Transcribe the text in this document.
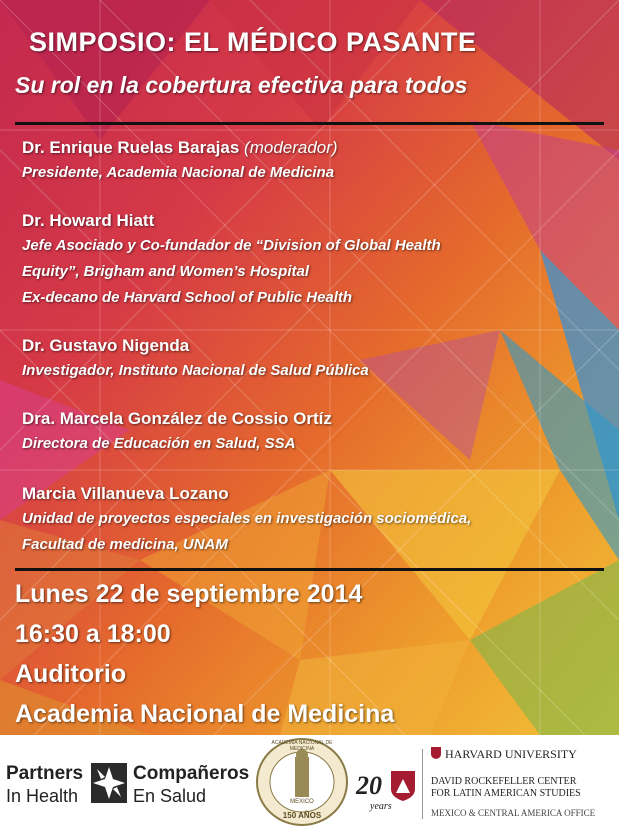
SIMPOSIO: EL MÉDICO PASANTE
Su rol en la cobertura efectiva para todos
Dr. Enrique Ruelas Barajas (moderador)
Presidente, Academia Nacional de Medicina
Dr. Howard Hiatt
Jefe Asociado y Co-fundador de “Division of Global Health
Equity”, Brigham and Women’s Hospital
Ex-decano de Harvard School of Public Health
Dr. Gustavo Nigenda
Investigador, Instituto Nacional de Salud Pública
Dra. Marcela González de Cossio Ortíz
Directora de Educación en Salud, SSA
Marcia Villanueva Lozano
Unidad de proyectos especiales en investigación sociomédica,
Facultad de medicina, UNAM
Lunes 22 de septiembre 2014
16:30 a 18:00
Auditorio
Academia Nacional de Medicina
Partners
In Health
Compañeros
En Salud
ACADEMIA NACIONAL DE MEDICINA
MEXICO
150 AÑOS
20
years
HARVARD UNIVERSITY
DAVID ROCKEFELLER CENTER
FOR LATIN AMERICAN STUDIES
MEXICO & CENTRAL AMERICA OFFICE
